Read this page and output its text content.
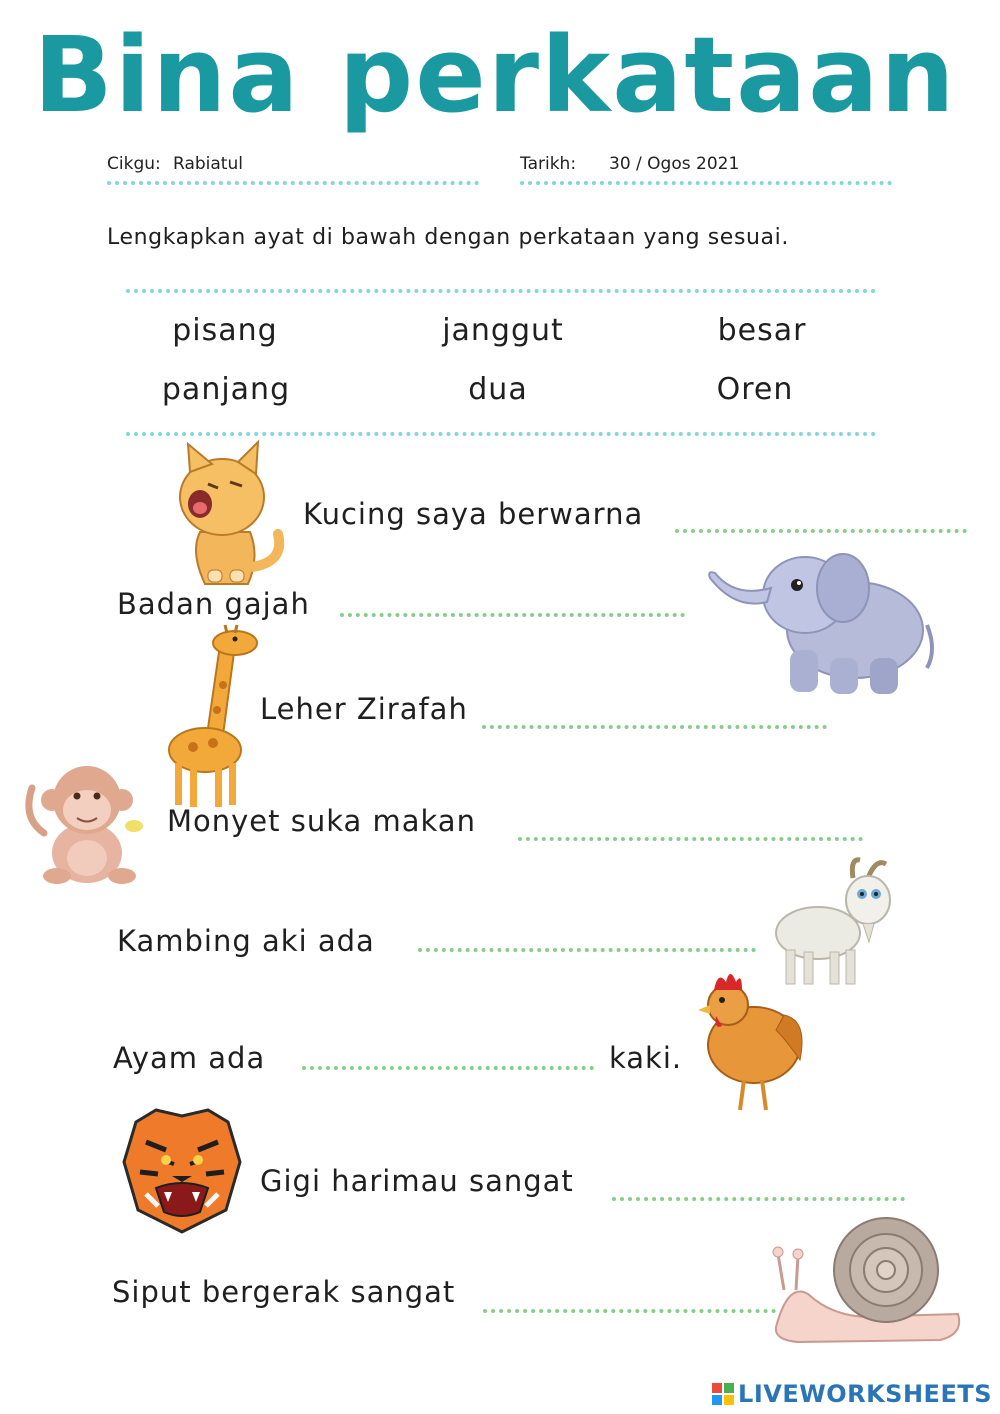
Bina perkataan
Cikgu: Rabiatul	Tarikh: 30 / Ogos 2021
Lengkapkan ayat di bawah dengan perkataan yang sesuai.
pisang	janggut	besar
panjang	dua	Oren
Kucing saya berwarna
Badan gajah
Leher Zirafah
Monyet suka makan
Kambing aki ada
Ayam ada	kaki.
Gigi harimau sangat
Siput bergerak sangat
LIVEWORKSHEETS
